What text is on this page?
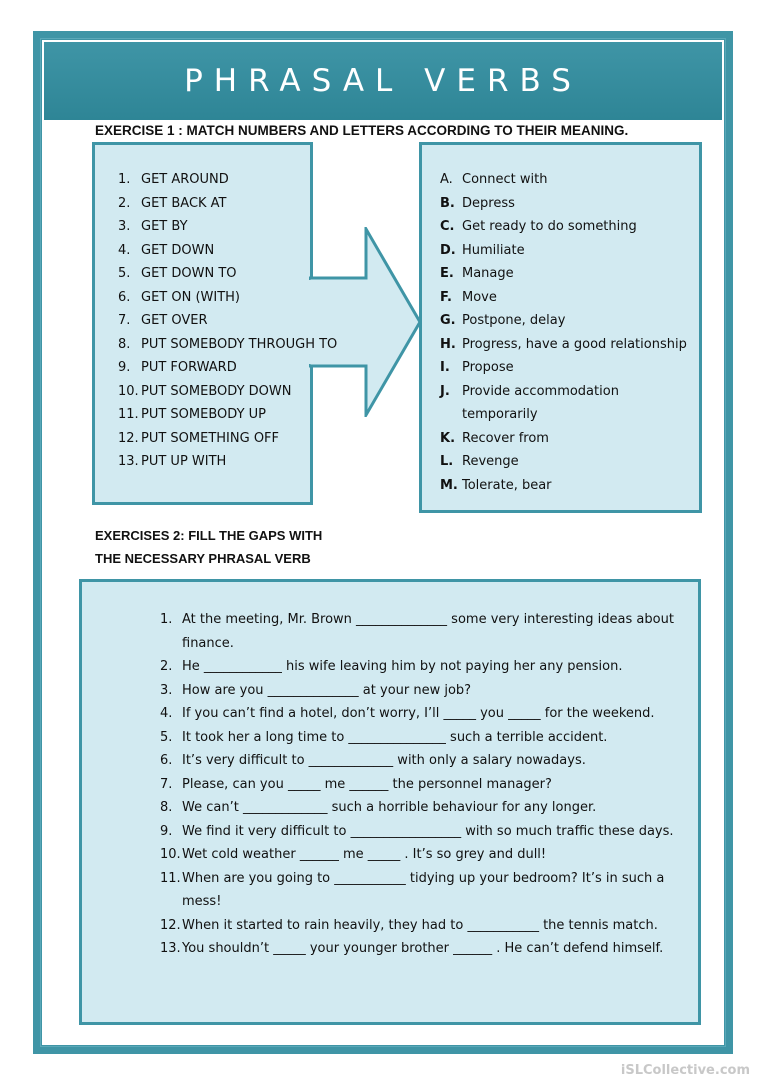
PHRASAL VERBS

EXERCISE 1 : MATCH NUMBERS AND LETTERS ACCORDING TO THEIR MEANING.

1. GET AROUND
2. GET BACK AT
3. GET BY
4. GET DOWN
5. GET DOWN TO
6. GET ON (WITH)
7. GET OVER
8. PUT SOMEBODY THROUGH TO
9. PUT FORWARD
10. PUT SOMEBODY DOWN
11. PUT SOMEBODY UP
12. PUT SOMETHING OFF
13. PUT UP WITH
A. Connect with
B. Depress
C. Get ready to do something
D. Humiliate
E. Manage
F. Move
G. Postpone, delay
H. Progress, have a good relationship
I. Propose
J. Provide accommodation
temporarily
K. Recover from
L. Revenge
M. Tolerate, bear

EXERCISES 2: FILL THE GAPS WITH
THE NECESSARY PHRASAL VERB

1. At the meeting, Mr. Brown ______________ some very interesting ideas about finance.
2. He ____________ his wife leaving him by not paying her any pension.
3. How are you ______________ at your new job?
4. If you can’t find a hotel, don’t worry, I’ll _____ you _____ for the weekend.
5. It took her a long time to _______________ such a terrible accident.
6. It’s very difficult to _____________ with only a salary nowadays.
7. Please, can you _____ me ______ the personnel manager?
8. We can’t _____________ such a horrible behaviour for any longer.
9. We find it very difficult to _________________ with so much traffic these days.
10. Wet cold weather ______ me _____ . It’s so grey and dull!
11. When are you going to ___________ tidying up your bedroom? It’s in such a mess!
12. When it started to rain heavily, they had to ___________ the tennis match.
13. You shouldn’t _____ your younger brother ______ . He can’t defend himself.
iSLCollective.com
